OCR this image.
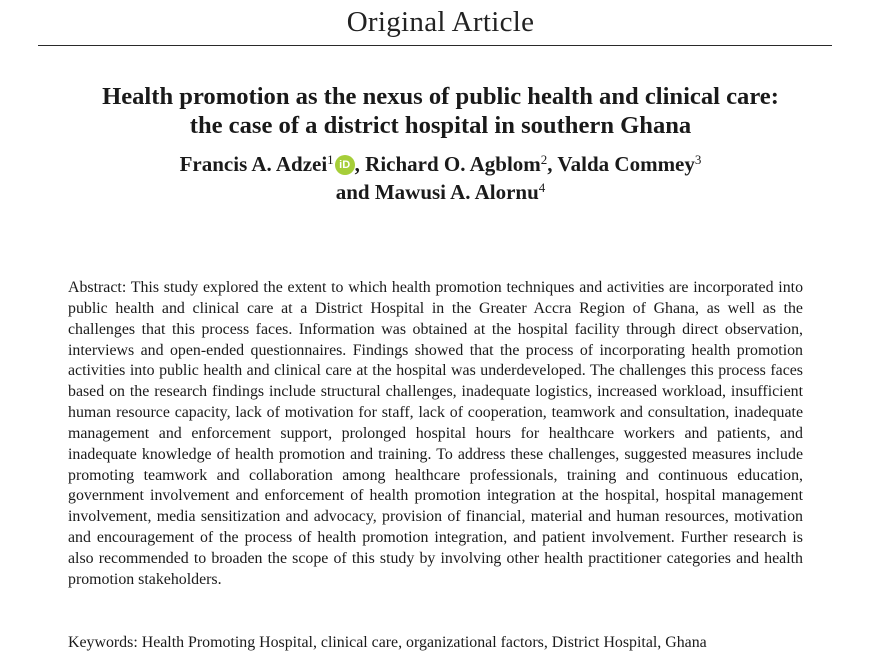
Original Article
Health promotion as the nexus of public health and clinical care:
the case of a district hospital in southern Ghana
Francis A. Adzei$^1$ iD , Richard O. Agblom$^2$, Valda Commey$^3$
and Mawusi A. Alornu$^4$

Abstract: This study explored the extent to which health promotion techniques and activities are incorporated into public health and clinical care at a District Hospital in the Greater Accra Region of Ghana, as well as the challenges that this process faces. Information was obtained at the hospital facility through direct observation, interviews and open-ended questionnaires. Findings showed that the process of incorporating health promotion activities into public health and clinical care at the hospital was underdeveloped. The challenges this process faces based on the research findings include structural challenges, inadequate logistics, increased workload, insufficient human resource capacity, lack of motivation for staff, lack of cooperation, teamwork and consultation, inadequate management and enforcement support, prolonged hospital hours for healthcare workers and patients, and inadequate knowledge of health promotion and training. To address these challenges, suggested measures include promoting teamwork and collaboration among healthcare professionals, training and continuous education, government involvement and enforcement of health promotion integration at the hospital, hospital management involvement, media sensitization and advocacy, provision of financial, material and human resources, motivation and encouragement of the process of health promotion integration, and patient involvement. Further research is also recommended to broaden the scope of this study by involving other health practitioner categories and health promotion stakeholders.

Keywords: Health Promoting Hospital, clinical care, organizational factors, District Hospital, Ghana
